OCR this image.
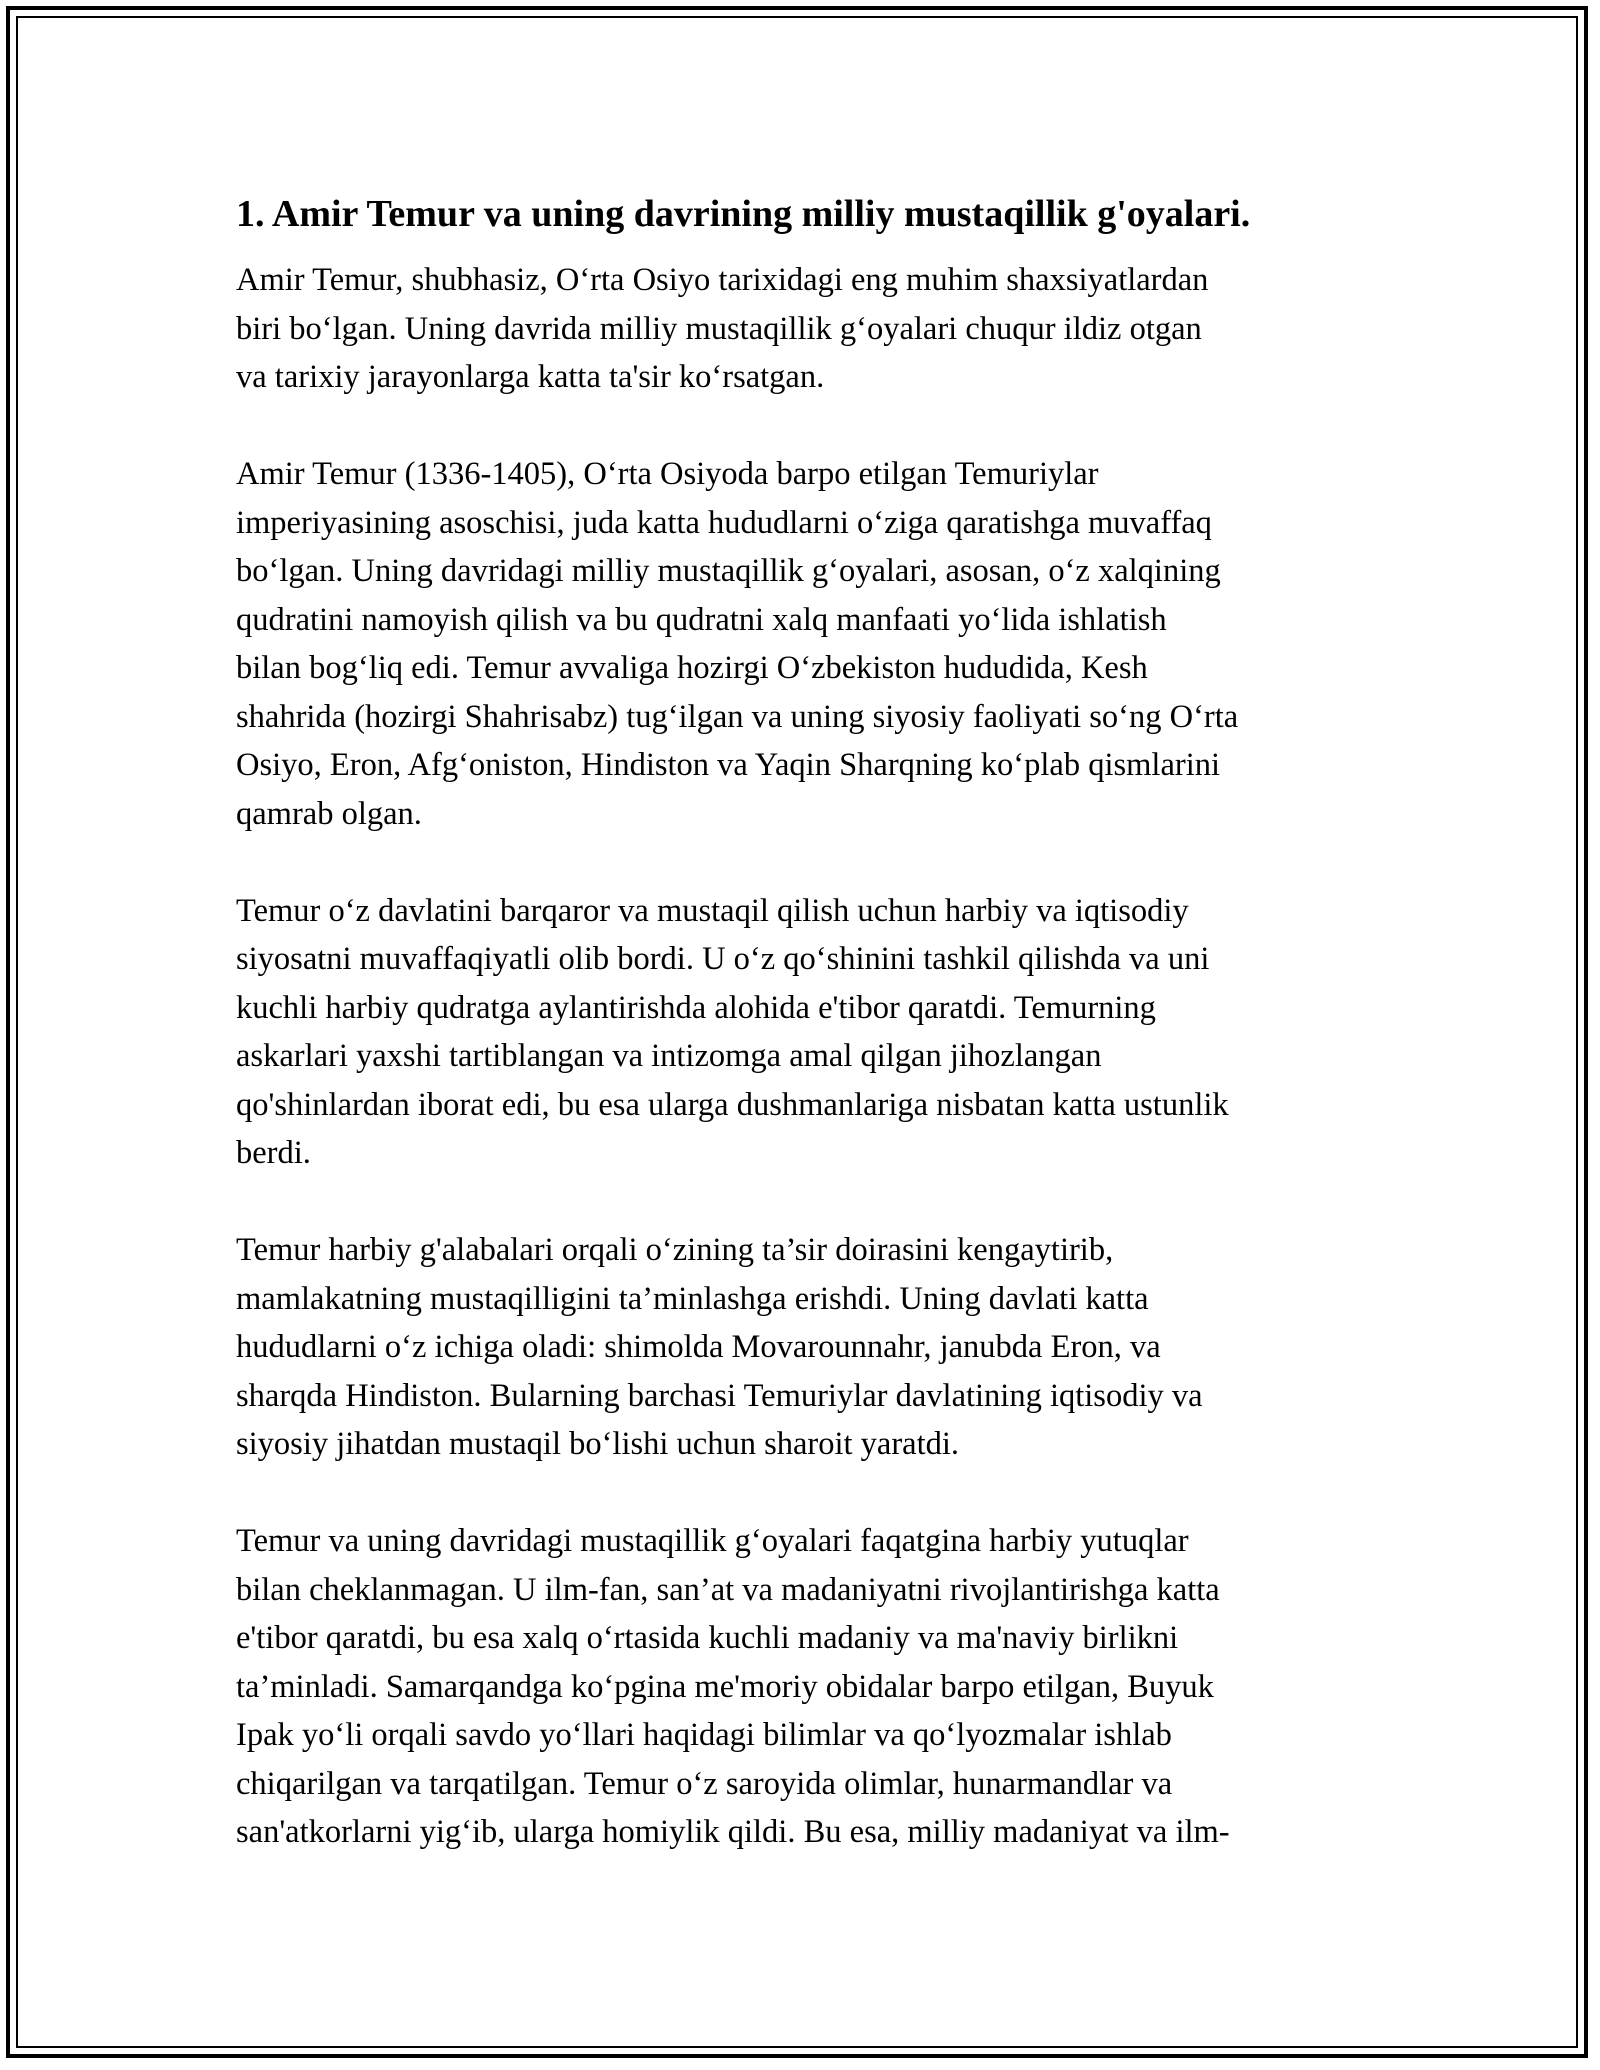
1. Amir Temur va uning davrining milliy mustaqillik g'oyalari.
Amir Temur, shubhasiz, O‘rta Osiyo tarixidagi eng muhim shaxsiyatlardan
biri bo‘lgan. Uning davrida milliy mustaqillik g‘oyalari chuqur ildiz otgan
va tarixiy jarayonlarga katta ta'sir ko‘rsatgan.
Amir Temur (1336-1405), O‘rta Osiyoda barpo etilgan Temuriylar
imperiyasining asoschisi, juda katta hududlarni o‘ziga qaratishga muvaffaq
bo‘lgan. Uning davridagi milliy mustaqillik g‘oyalari, asosan, o‘z xalqining
qudratini namoyish qilish va bu qudratni xalq manfaati yo‘lida ishlatish
bilan bog‘liq edi. Temur avvaliga hozirgi O‘zbekiston hududida, Kesh
shahrida (hozirgi Shahrisabz) tug‘ilgan va uning siyosiy faoliyati so‘ng O‘rta
Osiyo, Eron, Afg‘oniston, Hindiston va Yaqin Sharqning ko‘plab qismlarini
qamrab olgan.
Temur o‘z davlatini barqaror va mustaqil qilish uchun harbiy va iqtisodiy
siyosatni muvaffaqiyatli olib bordi. U o‘z qo‘shinini tashkil qilishda va uni
kuchli harbiy qudratga aylantirishda alohida e'tibor qaratdi. Temurning
askarlari yaxshi tartiblangan va intizomga amal qilgan jihozlangan
qo'shinlardan iborat edi, bu esa ularga dushmanlariga nisbatan katta ustunlik
berdi.
Temur harbiy g'alabalari orqali o‘zining ta’sir doirasini kengaytirib,
mamlakatning mustaqilligini ta’minlashga erishdi. Uning davlati katta
hududlarni o‘z ichiga oladi: shimolda Movarounnahr, janubda Eron, va
sharqda Hindiston. Bularning barchasi Temuriylar davlatining iqtisodiy va
siyosiy jihatdan mustaqil bo‘lishi uchun sharoit yaratdi.
Temur va uning davridagi mustaqillik g‘oyalari faqatgina harbiy yutuqlar
bilan cheklanmagan. U ilm-fan, san’at va madaniyatni rivojlantirishga katta
e'tibor qaratdi, bu esa xalq o‘rtasida kuchli madaniy va ma'naviy birlikni
ta’minladi. Samarqandga ko‘pgina me'moriy obidalar barpo etilgan, Buyuk
Ipak yo‘li orqali savdo yo‘llari haqidagi bilimlar va qo‘lyozmalar ishlab
chiqarilgan va tarqatilgan. Temur o‘z saroyida olimlar, hunarmandlar va
san'atkorlarni yig‘ib, ularga homiylik qildi. Bu esa, milliy madaniyat va ilm-
